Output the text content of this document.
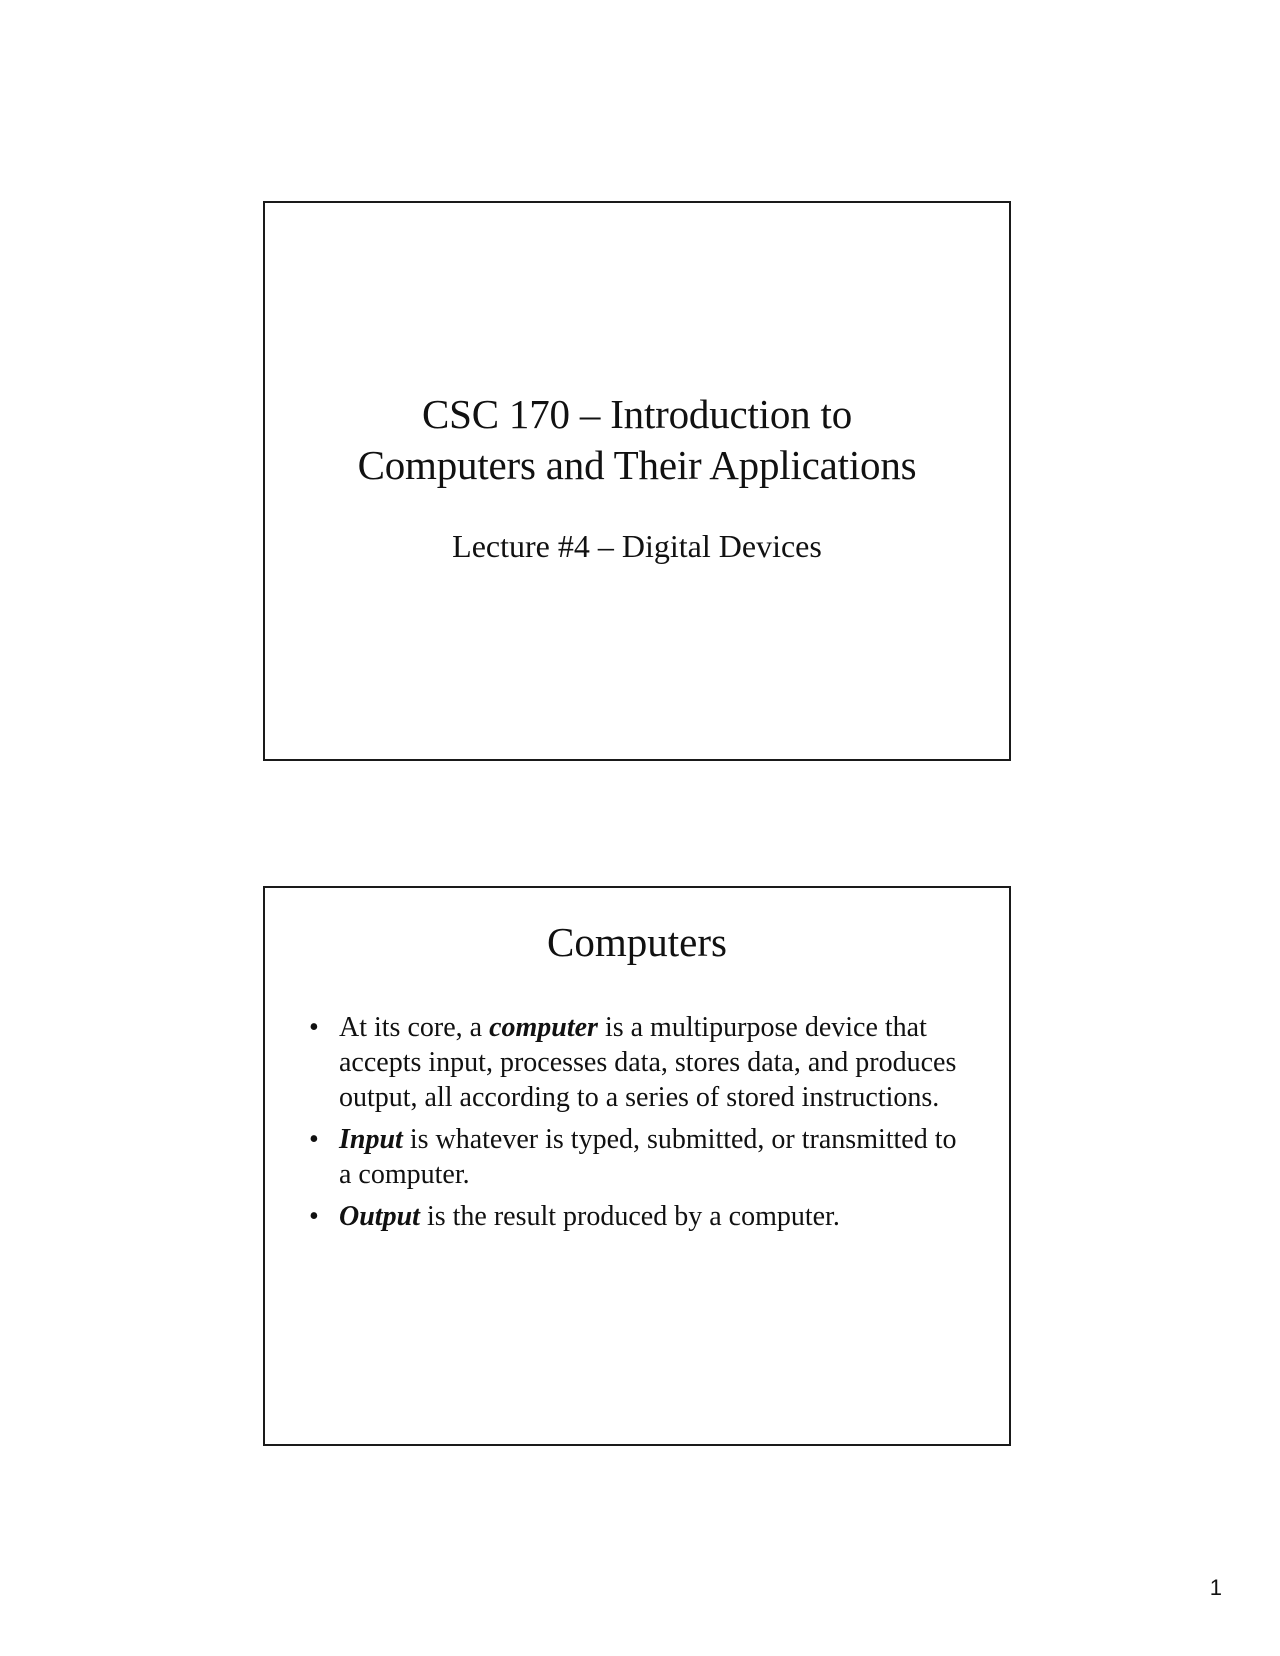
CSC 170 – Introduction to
Computers and Their Applications
Lecture #4 – Digital Devices
Computers
• At its core, a computer is a multipurpose device that accepts input, processes data, stores data, and produces output, all according to a series of stored instructions.
• Input is whatever is typed, submitted, or transmitted to a computer.
• Output is the result produced by a computer.
1
